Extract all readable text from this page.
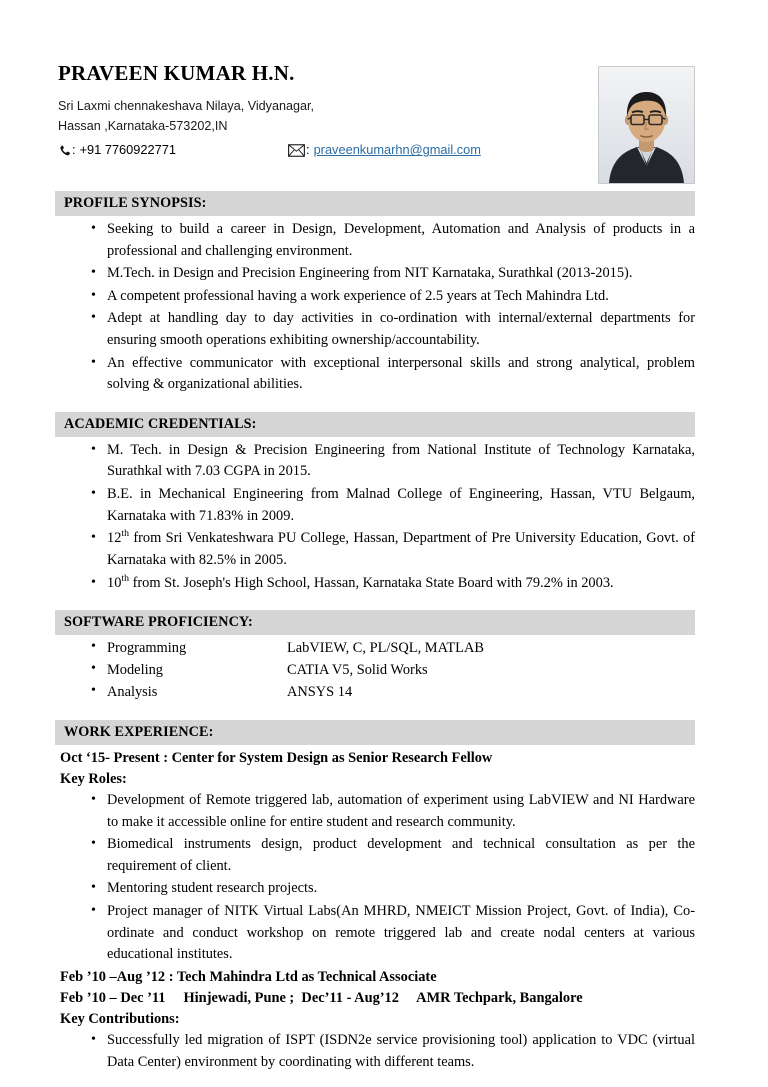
PRAVEEN KUMAR H.N.
Sri Laxmi chennakeshava Nilaya, Vidyanagar,
Hassan ,Karnataka-573202,IN
: +91 7760922771	: praveenkumarhn@gmail.com
PROFILE SYNOPSIS:
• Seeking to build a career in Design, Development, Automation and Analysis of products in a professional and challenging environment.
• M.Tech. in Design and Precision Engineering from NIT Karnataka, Surathkal (2013-2015).
• A competent professional having a work experience of 2.5 years at Tech Mahindra Ltd.
• Adept at handling day to day activities in co-ordination with internal/external departments for ensuring smooth operations exhibiting ownership/accountability.
• An effective communicator with exceptional interpersonal skills and strong analytical, problem solving & organizational abilities.
ACADEMIC CREDENTIALS:
• M. Tech. in Design & Precision Engineering from National Institute of Technology Karnataka, Surathkal with 7.03 CGPA in 2015.
• B.E. in Mechanical Engineering from Malnad College of Engineering, Hassan, VTU Belgaum, Karnataka with 71.83% in 2009.
• 12th from Sri Venkateshwara PU College, Hassan, Department of Pre University Education, Govt. of Karnataka with 82.5% in 2005.
• 10th from St. Joseph's High School, Hassan, Karnataka State Board with 79.2% in 2003.
SOFTWARE PROFICIENCY:
• Programming	LabVIEW, C, PL/SQL, MATLAB
• Modeling	CATIA V5, Solid Works
• Analysis	ANSYS 14
WORK EXPERIENCE:
Oct ‘15- Present : Center for System Design as Senior Research Fellow
Key Roles:
• Development of Remote triggered lab, automation of experiment using LabVIEW and NI Hardware to make it accessible online for entire student and research community.
• Biomedical instruments design, product development and technical consultation as per the requirement of client.
• Mentoring student research projects.
• Project manager of NITK Virtual Labs(An MHRD, NMEICT Mission Project, Govt. of India), Co-ordinate and conduct workshop on remote triggered lab and create nodal centers at various educational institutes.
Feb ’10 –Aug ’12 : Tech Mahindra Ltd as Technical Associate
Feb ’10 – Dec ’11     Hinjewadi, Pune ;  Dec’11 - Aug’12     AMR Techpark, Bangalore
Key Contributions:
• Successfully led migration of ISPT (ISDN2e service provisioning tool) application to VDC (virtual Data Center) environment by coordinating with different teams.
